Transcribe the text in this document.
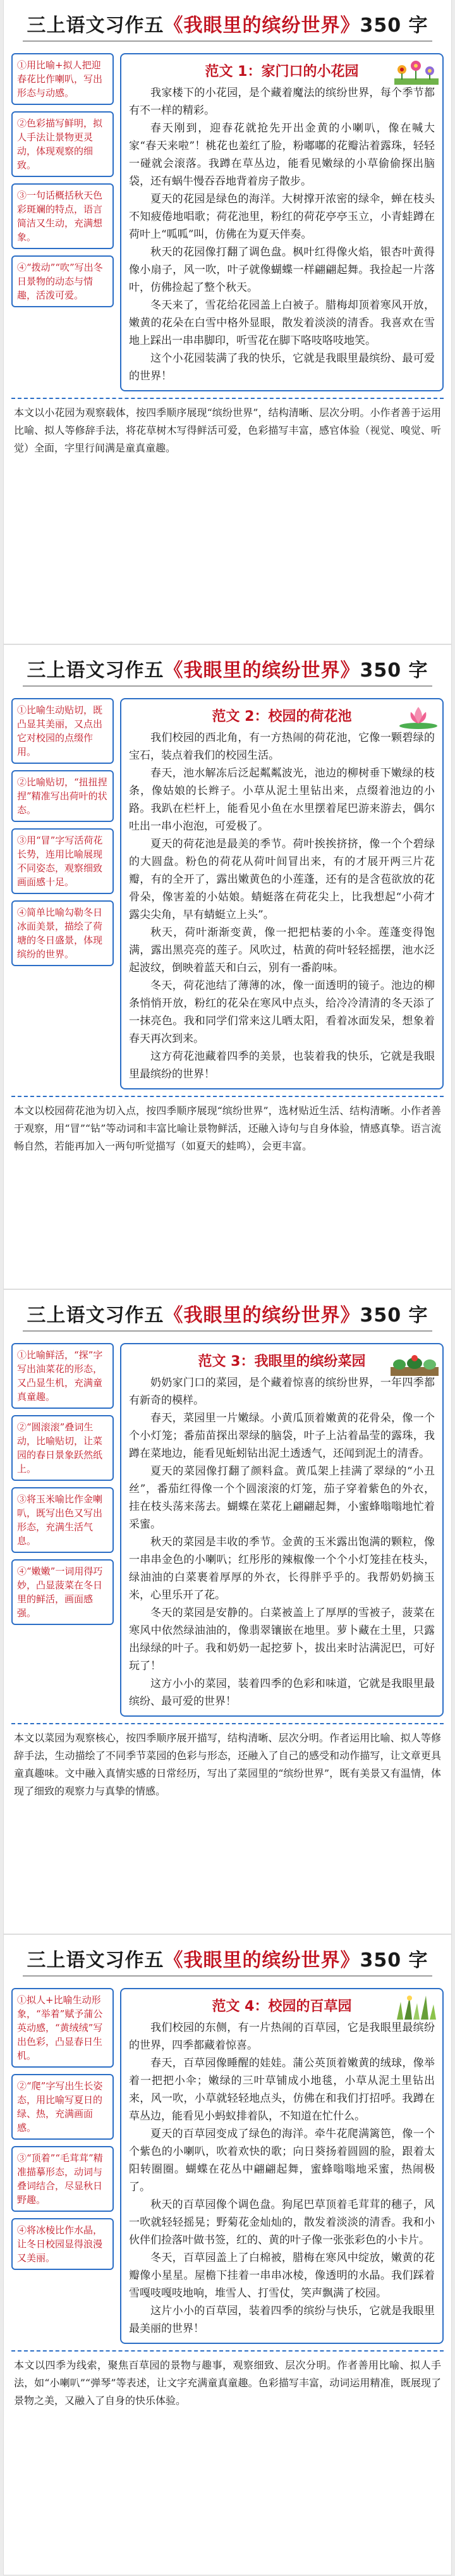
三上语文习作五《我眼里的缤纷世界》350 字
①用比喻+拟人把迎春花比作喇叭，写出形态与动感。
②色彩描写鲜明，拟人手法让景物更灵动，体现观察的细致。
③一句话概括秋天色彩斑斓的特点，语言简洁又生动，充满想象。
④“拨动”“吹”写出冬日景物的动态与情趣，活泼可爱。
范文 1：家门口的小花园

我家楼下的小花园，是个藏着魔法的缤纷世界，每个季节都有不一样的精彩。

春天刚到，迎春花就抢先开出金黄的小喇叭，像在喊大家“春天来啦”！桃花也羞红了脸，粉嘟嘟的花瓣沾着露珠，轻轻一碰就会滚落。我蹲在草丛边，能看见嫩绿的小草偷偷探出脑袋，还有蜗牛慢吞吞地背着房子散步。

夏天的花园是绿色的海洋。大树撑开浓密的绿伞，蝉在枝头不知疲倦地唱歌；荷花池里，粉红的荷花亭亭玉立，小青蛙蹲在荷叶上“呱呱”叫，仿佛在为夏天伴奏。

秋天的花园像打翻了调色盘。枫叶红得像火焰，银杏叶黄得像小扇子，风一吹，叶子就像蝴蝶一样翩翩起舞。我捡起一片落叶，仿佛捡起了整个秋天。

冬天来了，雪花给花园盖上白被子。腊梅却顶着寒风开放，嫩黄的花朵在白雪中格外显眼，散发着淡淡的清香。我喜欢在雪地上踩出一串串脚印，听雪花在脚下咯吱咯吱地笑。

这个小花园装满了我的快乐，它就是我眼里最缤纷、最可爱的世界！

本文以小花园为观察载体，按四季顺序展现“缤纷世界”，结构清晰、层次分明。小作者善于运用比喻、拟人等修辞手法，将花草树木写得鲜活可爱，色彩描写丰富，感官体验（视觉、嗅觉、听觉）全面，字里行间满是童真童趣。
三上语文习作五《我眼里的缤纷世界》350 字
①比喻生动贴切，既凸显其美丽，又点出它对校园的点缀作用。
②比喻贴切，“扭扭捏捏”精准写出荷叶的状态。
③用“冒”字写活荷花长势，连用比喻展现不同姿态，观察细致画面感十足。
④简单比喻勾勒冬日冰面美景，描绘了荷塘的冬日盛景，体现缤纷的世界。
范文 2：校园的荷花池

我们校园的西北角，有一方热闹的荷花池，它像一颗碧绿的宝石，装点着我们的校园生活。

春天，池水解冻后泛起粼粼波光，池边的柳树垂下嫩绿的枝条，像姑娘的长辫子。小草从泥土里钻出来，点缀着池边的小路。我趴在栏杆上，能看见小鱼在水里摆着尾巴游来游去，偶尔吐出一串小泡泡，可爱极了。

夏天的荷花池是最美的季节。荷叶挨挨挤挤，像一个个碧绿的大圆盘。粉色的荷花从荷叶间冒出来，有的才展开两三片花瓣，有的全开了，露出嫩黄色的小莲蓬，还有的是含苞欲放的花骨朵，像害羞的小姑娘。蜻蜓落在荷花尖上，比我想起“小荷才露尖尖角，早有蜻蜓立上头”。

秋天，荷叶渐渐变黄，像一把把枯萎的小伞。莲蓬变得饱满，露出黑亮亮的莲子。风吹过，枯黄的荷叶轻轻摇摆，池水泛起波纹，倒映着蓝天和白云，别有一番韵味。

冬天，荷花池结了薄薄的冰，像一面透明的镜子。池边的柳条悄悄开放，粉红的花朵在寒风中点头，给冷冷清清的冬天添了一抹亮色。我和同学们常来这儿晒太阳，看着冰面发呆，想象着春天再次到来。

这方荷花池藏着四季的美景，也装着我的快乐，它就是我眼里最缤纷的世界！

本文以校园荷花池为切入点，按四季顺序展现“缤纷世界”，选材贴近生活、结构清晰。小作者善于观察，用“冒”“钻”等动词和丰富比喻让景物鲜活，还融入诗句与自身体验，情感真挚。语言流畅自然，若能再加入一两句听觉描写（如夏天的蛙鸣），会更丰富。
三上语文习作五《我眼里的缤纷世界》350 字
①比喻鲜活，“探”字写出油菜花的形态，又凸显生机，充满童真童趣。
②“圆滚滚”叠词生动，比喻贴切，让菜园的春日景象跃然纸上。
③将玉米喻比作金喇叭，既写出色又写出形态，充满生活气息。
④“嫩嫩”一词用得巧妙，凸显菠菜在冬日里的鲜活，画面感强。
范文 3：我眼里的缤纷菜园

奶奶家门口的菜园，是个藏着惊喜的缤纷世界，一年四季都有新奇的模样。

春天，菜园里一片嫩绿。小黄瓜顶着嫩黄的花骨朵，像一个个小灯笼；番茄苗探出翠绿的脑袋，叶子上沾着晶莹的露珠，我蹲在菜地边，能看见蚯蚓钻出泥土透透气，还闻到泥土的清香。

夏天的菜园像打翻了颜料盒。黄瓜架上挂满了翠绿的“小丑丝”，番茄红得像一个个圆滚滚的灯笼，茄子穿着紫色的外衣，挂在枝头荡来荡去。蝴蝶在菜花上翩翩起舞，小蜜蜂嗡嗡地忙着采蜜。

秋天的菜园是丰收的季节。金黄的玉米露出饱满的颗粒，像一串串金色的小喇叭；红彤彤的辣椒像一个个小灯笼挂在枝头，绿油油的白菜裹着厚厚的外衣，长得胖乎乎的。我帮奶奶摘玉米，心里乐开了花。

冬天的菜园是安静的。白菜被盖上了厚厚的雪被子，菠菜在寒风中依然绿油油的，像翡翠镶嵌在地里。萝卜藏在土里，只露出绿绿的叶子。我和奶奶一起挖萝卜，拔出来时沾满泥巴，可好玩了！

这方小小的菜园，装着四季的色彩和味道，它就是我眼里最缤纷、最可爱的世界！

本文以菜园为观察核心，按四季顺序展开描写，结构清晰、层次分明。作者运用比喻、拟人等修辞手法，生动描绘了不同季节菜园的色彩与形态，还融入了自己的感受和动作描写，让文章更具童真趣味。文中融入真情实感的日常经历，写出了菜园里的“缤纷世界”，既有美景又有温情，体现了细致的观察力与真挚的情感。
三上语文习作五《我眼里的缤纷世界》350 字
①拟人+比喻生动形象，“举着”赋予蒲公英动感，“黄绒绒”写出色彩，凸显春日生机。
②“爬”字写出生长姿态，用比喻写夏日的绿、热，充满画面感。
③“顶着”“毛茸茸”精准描摹形态，动词与叠词结合，尽显秋日野趣。
④将冰棱比作水晶，让冬日校园显得浪漫又美丽。
范文 4：校园的百草园

我们校园的东侧，有一片热闹的百草园，它是我眼里最缤纷的世界，四季都藏着惊喜。

春天，百草园像睡醒的娃娃。蒲公英顶着嫩黄的绒球，像举着一把把小伞；嫩绿的三叶草铺成小地毯，小草从泥土里钻出来，风一吹，小草就轻轻地点头，仿佛在和我们打招呼。我蹲在草丛边，能看见小蚂蚁排着队，不知道在忙什么。

夏天的百草园变成了绿色的海洋。牵牛花爬满篱笆，像一个个紫色的小喇叭，吹着欢快的歌；向日葵扬着圆圆的脸，跟着太阳转圈圈。蝴蝶在花丛中翩翩起舞，蜜蜂嗡嗡地采蜜，热闹极了。

秋天的百草园像个调色盘。狗尾巴草顶着毛茸茸的穗子，风一吹就轻轻摇晃；野菊花金灿灿的，散发着淡淡的清香。我和小伙伴们捡落叶做书签，红的、黄的叶子像一张张彩色的小卡片。

冬天，百草园盖上了白棉被，腊梅在寒风中绽放，嫩黄的花瓣像小星星。屋檐下挂着一串串冰棱，像透明的水晶。我们踩着雪嘎吱嘎吱地响，堆雪人、打雪仗，笑声飘满了校园。

这片小小的百草园，装着四季的缤纷与快乐，它就是我眼里最美丽的世界！

本文以四季为线索，聚焦百草园的景物与趣事，观察细致、层次分明。作者善用比喻、拟人手法，如“小喇叭”“弹琴”等表述，让文字充满童真童趣。色彩描写丰富，动词运用精准，既展现了景物之美，又融入了自身的快乐体验。
